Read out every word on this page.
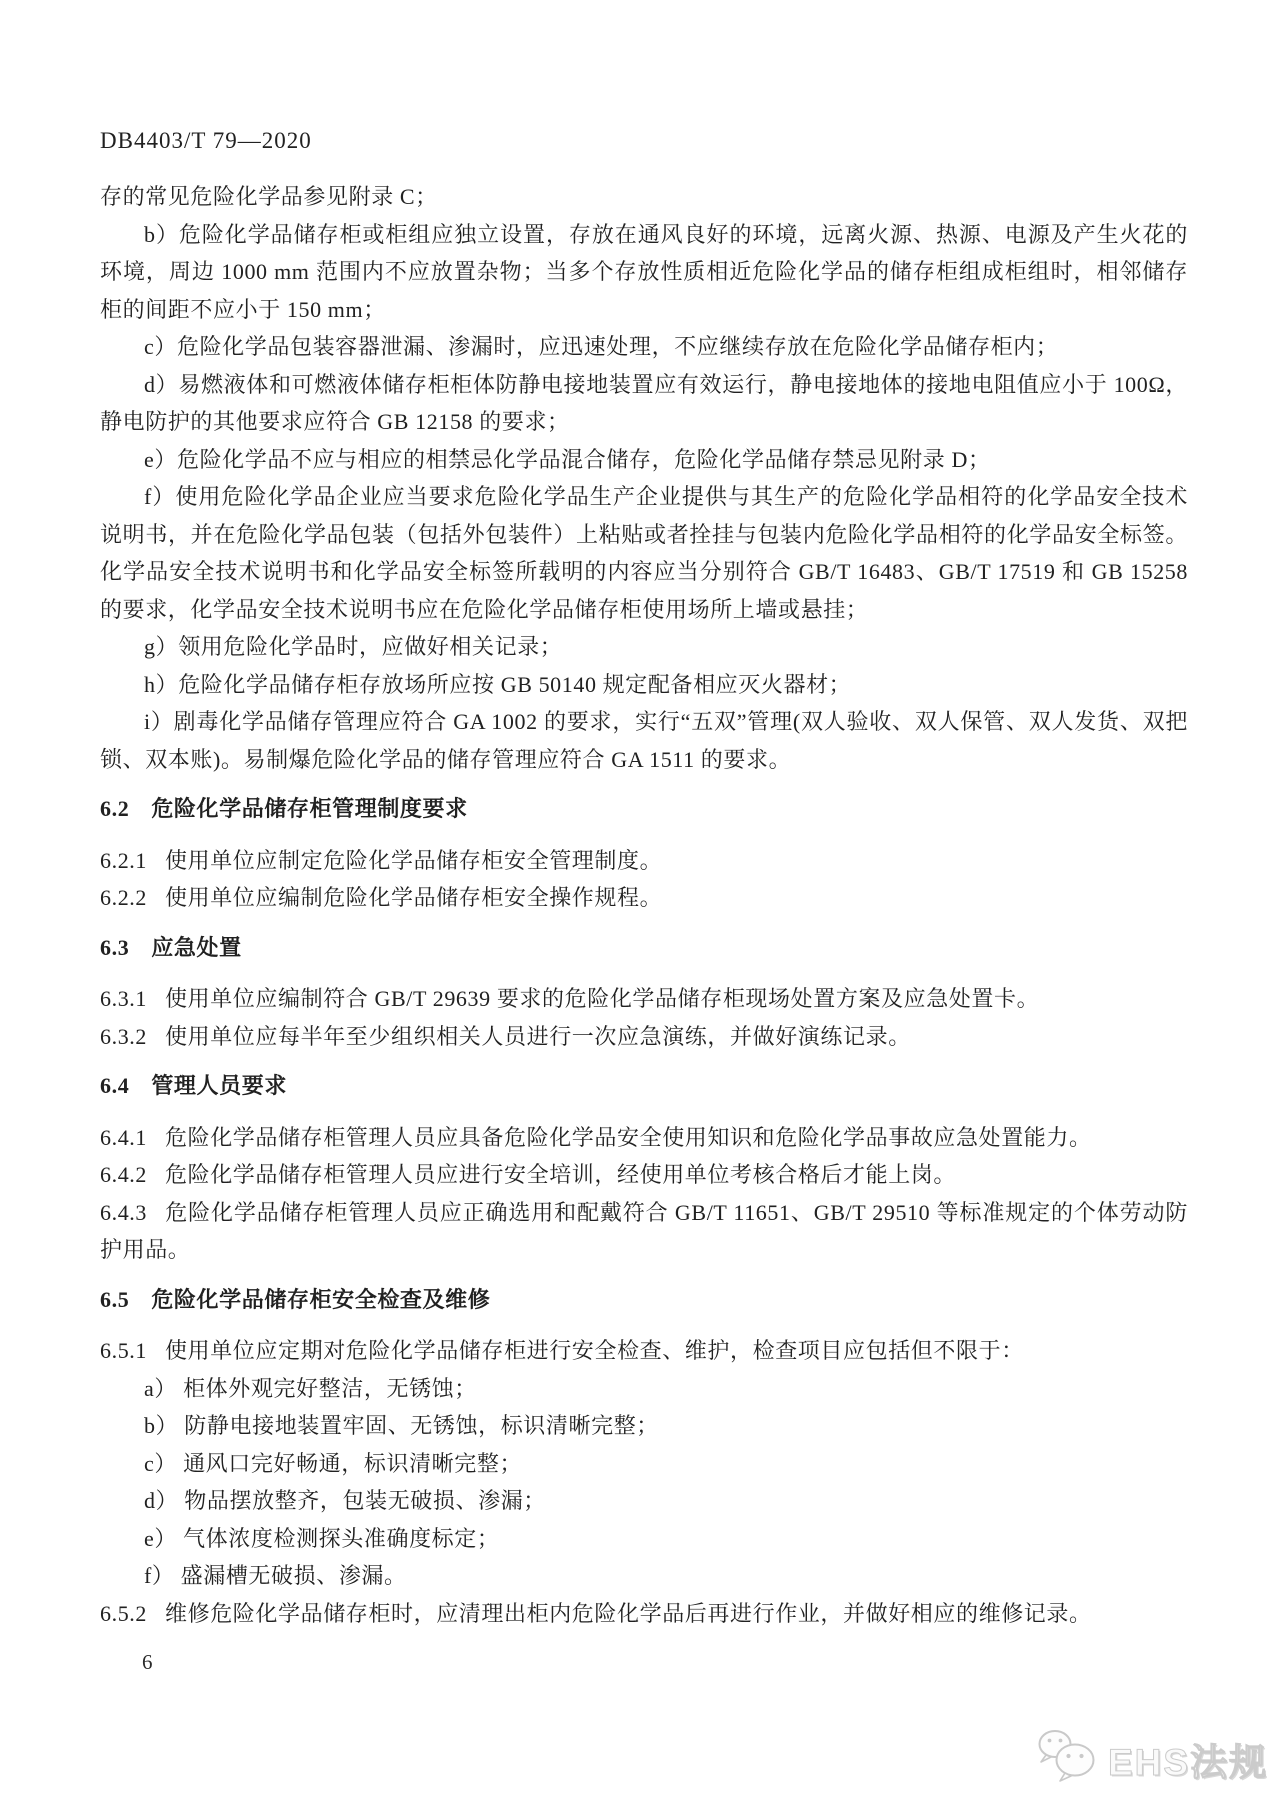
DB4403/T 79—2020

存的常见危险化学品参见附录 C；

b）危险化学品储存柜或柜组应独立设置，存放在通风良好的环境，远离火源、热源、电源及产生火花的环境，周边 1000 mm 范围内不应放置杂物；当多个存放性质相近危险化学品的储存柜组成柜组时，相邻储存柜的间距不应小于 150 mm；

c）危险化学品包装容器泄漏、渗漏时，应迅速处理，不应继续存放在危险化学品储存柜内；

d）易燃液体和可燃液体储存柜柜体防静电接地装置应有效运行，静电接地体的接地电阻值应小于 100Ω，静电防护的其他要求应符合 GB 12158 的要求；

e）危险化学品不应与相应的相禁忌化学品混合储存，危险化学品储存禁忌见附录 D；

f）使用危险化学品企业应当要求危险化学品生产企业提供与其生产的危险化学品相符的化学品安全技术说明书，并在危险化学品包装（包括外包装件）上粘贴或者拴挂与包装内危险化学品相符的化学品安全标签。化学品安全技术说明书和化学品安全标签所载明的内容应当分别符合 GB/T 16483、GB/T 17519 和 GB 15258 的要求，化学品安全技术说明书应在危险化学品储存柜使用场所上墙或悬挂；

g）领用危险化学品时，应做好相关记录；

h）危险化学品储存柜存放场所应按 GB 50140 规定配备相应灭火器材；

i）剧毒化学品储存管理应符合 GA 1002 的要求，实行“五双”管理(双人验收、双人保管、双人发货、双把锁、双本账)。易制爆危险化学品的储存管理应符合 GA 1511 的要求。

6.2 危险化学品储存柜管理制度要求

6.2.1 使用单位应制定危险化学品储存柜安全管理制度。

6.2.2 使用单位应编制危险化学品储存柜安全操作规程。

6.3 应急处置

6.3.1 使用单位应编制符合 GB/T 29639 要求的危险化学品储存柜现场处置方案及应急处置卡。

6.3.2 使用单位应每半年至少组织相关人员进行一次应急演练，并做好演练记录。

6.4 管理人员要求

6.4.1 危险化学品储存柜管理人员应具备危险化学品安全使用知识和危险化学品事故应急处置能力。

6.4.2 危险化学品储存柜管理人员应进行安全培训，经使用单位考核合格后才能上岗。

6.4.3 危险化学品储存柜管理人员应正确选用和配戴符合 GB/T 11651、GB/T 29510 等标准规定的个体劳动防护用品。

6.5 危险化学品储存柜安全检查及维修

6.5.1 使用单位应定期对危险化学品储存柜进行安全检查、维护，检查项目应包括但不限于：

a） 柜体外观完好整洁，无锈蚀；

b） 防静电接地装置牢固、无锈蚀，标识清晰完整；

c） 通风口完好畅通，标识清晰完整；

d） 物品摆放整齐，包装无破损、渗漏；

e） 气体浓度检测探头准确度标定；

f） 盛漏槽无破损、渗漏。

6.5.2 维修危险化学品储存柜时，应清理出柜内危险化学品后再进行作业，并做好相应的维修记录。

6
EHS法规
